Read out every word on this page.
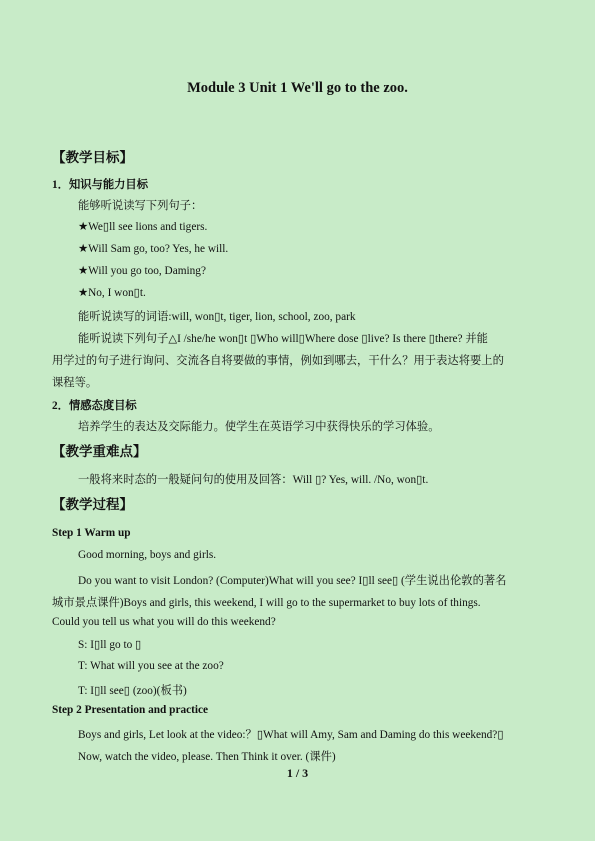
Module 3 Unit 1 We'll go to the zoo.
【教学目标】
1．知识与能力目标
能够听说读写下列句子：
★We▯ll see lions and tigers.
★Will Sam go, too? Yes, he will.
★Will you go too, Daming?
★No, I won▯t.
能听说读写的词语:will, won▯t, tiger, lion, school, zoo, park
能听说读下列句子△I /she/he won▯t ▯Who will▯Where dose ▯live? Is there ▯there? 并能
用学过的句子进行询问、交流各自将要做的事情，例如到哪去，干什么？用于表达将要上的
课程等。
2．情感态度目标
培养学生的表达及交际能力。使学生在英语学习中获得快乐的学习体验。
【教学重难点】
一般将来时态的一般疑问句的使用及回答：Will ▯? Yes, will. /No, won▯t.
【教学过程】
Step 1 Warm up
Good morning, boys and girls.
Do you want to visit London? (Computer)What will you see? I▯ll see▯ (学生说出伦敦的著名
城市景点课件)Boys and girls, this weekend, I will go to the supermarket to buy lots of things.
Could you tell us what you will do this weekend?
S: I▯ll go to ▯
T: What will you see at the zoo?
T: I▯ll see▯ (zoo)(板书)
Step 2 Presentation and practice
Boys and girls, Let look at the video:？▯What will Amy, Sam and Daming do this weekend?▯
Now, watch the video, please. Then Think it over. (课件)
1 / 3
